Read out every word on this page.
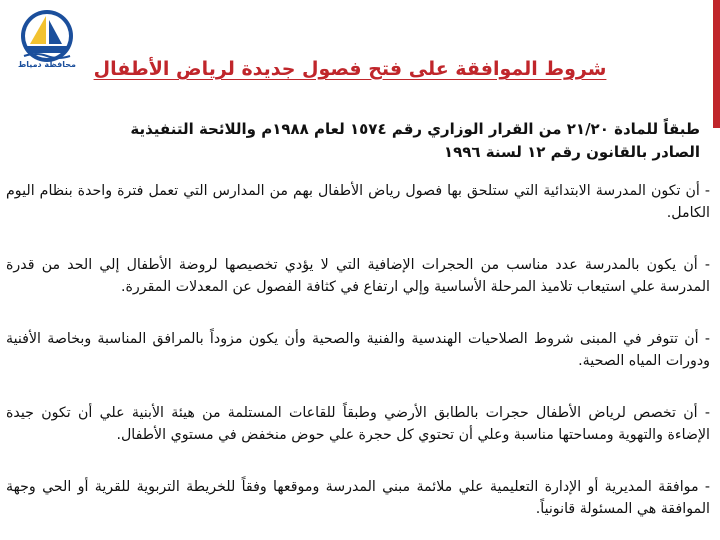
محافظة دمياط شروط الموافقة على فتح فصول جديدة لرياض الأطفال
طبقاً للمادة ٢١/٢٠ من القرار الوزاري رقم ١٥٧٤ لعام ١٩٨٨م واللائحة التنفيذية الصادر بالقانون رقم ١٢ لسنة ١٩٩٦

- أن تكون المدرسة الابتدائية التي ستلحق بها فصول رياض الأطفال بهم من المدارس التي تعمل فترة واحدة بنظام اليوم الكامل.

- أن يكون بالمدرسة عدد مناسب من الحجرات الإضافية التي لا يؤدي تخصيصها لروضة الأطفال إلي الحد من قدرة المدرسة علي استيعاب تلاميذ المرحلة الأساسية وإلي ارتفاع في كثافة الفصول عن المعدلات المقررة.

- أن تتوفر في المبنى شروط الصلاحيات الهندسية والفنية والصحية وأن يكون مزوداً بالمرافق المناسبة وبخاصة الأفنية ودورات المياه الصحية.

- أن تخصص لرياض الأطفال حجرات بالطابق الأرضي وطبقاً للقاعات المستلمة من هيئة الأبنية علي أن تكون جيدة الإضاءة والتهوية ومساحتها مناسبة وعلي أن تحتوي كل حجرة علي حوض منخفض في مستوي الأطفال.

- موافقة المديرية أو الإدارة التعليمية علي ملائمة مبني المدرسة وموقعها وفقاً للخريطة التربوية للقرية أو الحي وجهة الموافقة هي المسئولة قانونياً.
